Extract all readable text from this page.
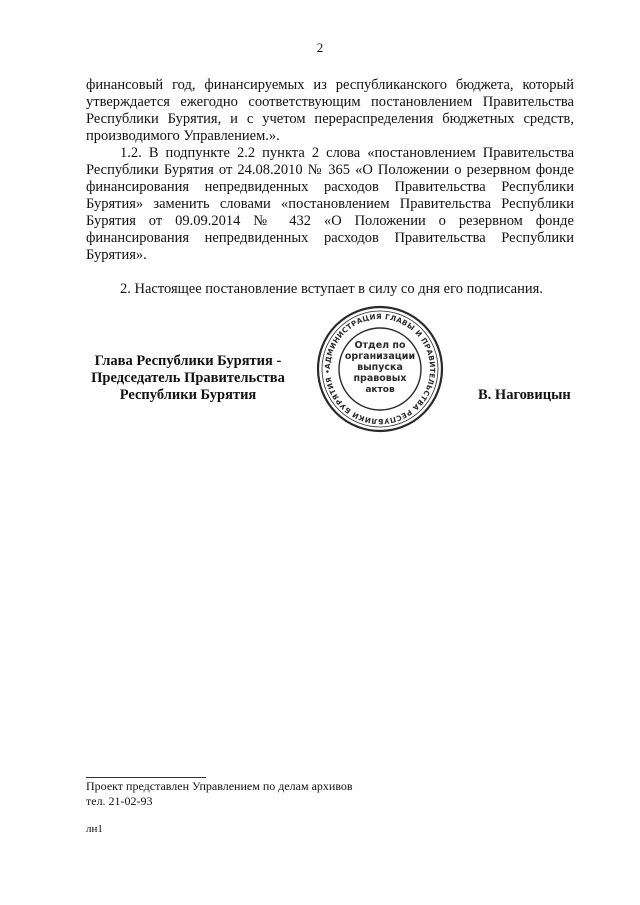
2

финансовый год, финансируемых из республиканского бюджета, который утверждается ежегодно соответствующим постановлением Правительства Республики Бурятия, и с учетом перераспределения бюджетных средств, производимого Управлением.».

1.2. В подпункте 2.2 пункта 2 слова «постановлением Правительства Республики Бурятия от 24.08.2010 № 365 «О Положении о резервном фонде финансирования непредвиденных расходов Правительства Республики Бурятия» заменить словами «постановлением Правительства Республики Бурятия от 09.09.2014 № 432 «О Положении о резервном фонде финансирования непредвиденных расходов Правительства Республики Бурятия».

2. Настоящее постановление вступает в силу со дня его подписания.

Глава Республики Бурятия -
Председатель Правительства
Республики Бурятия
АДМИНИСТРАЦИЯ ГЛАВЫ И ПРАВИТЕЛЬСТВА РЕСПУБЛИКИ БУРЯТИЯ •
Отдел по
организации
выпуска
правовых
актов	В. Наговицын
Проект представлен Управлением по делам архивов
тел. 21-02-93
лн1
